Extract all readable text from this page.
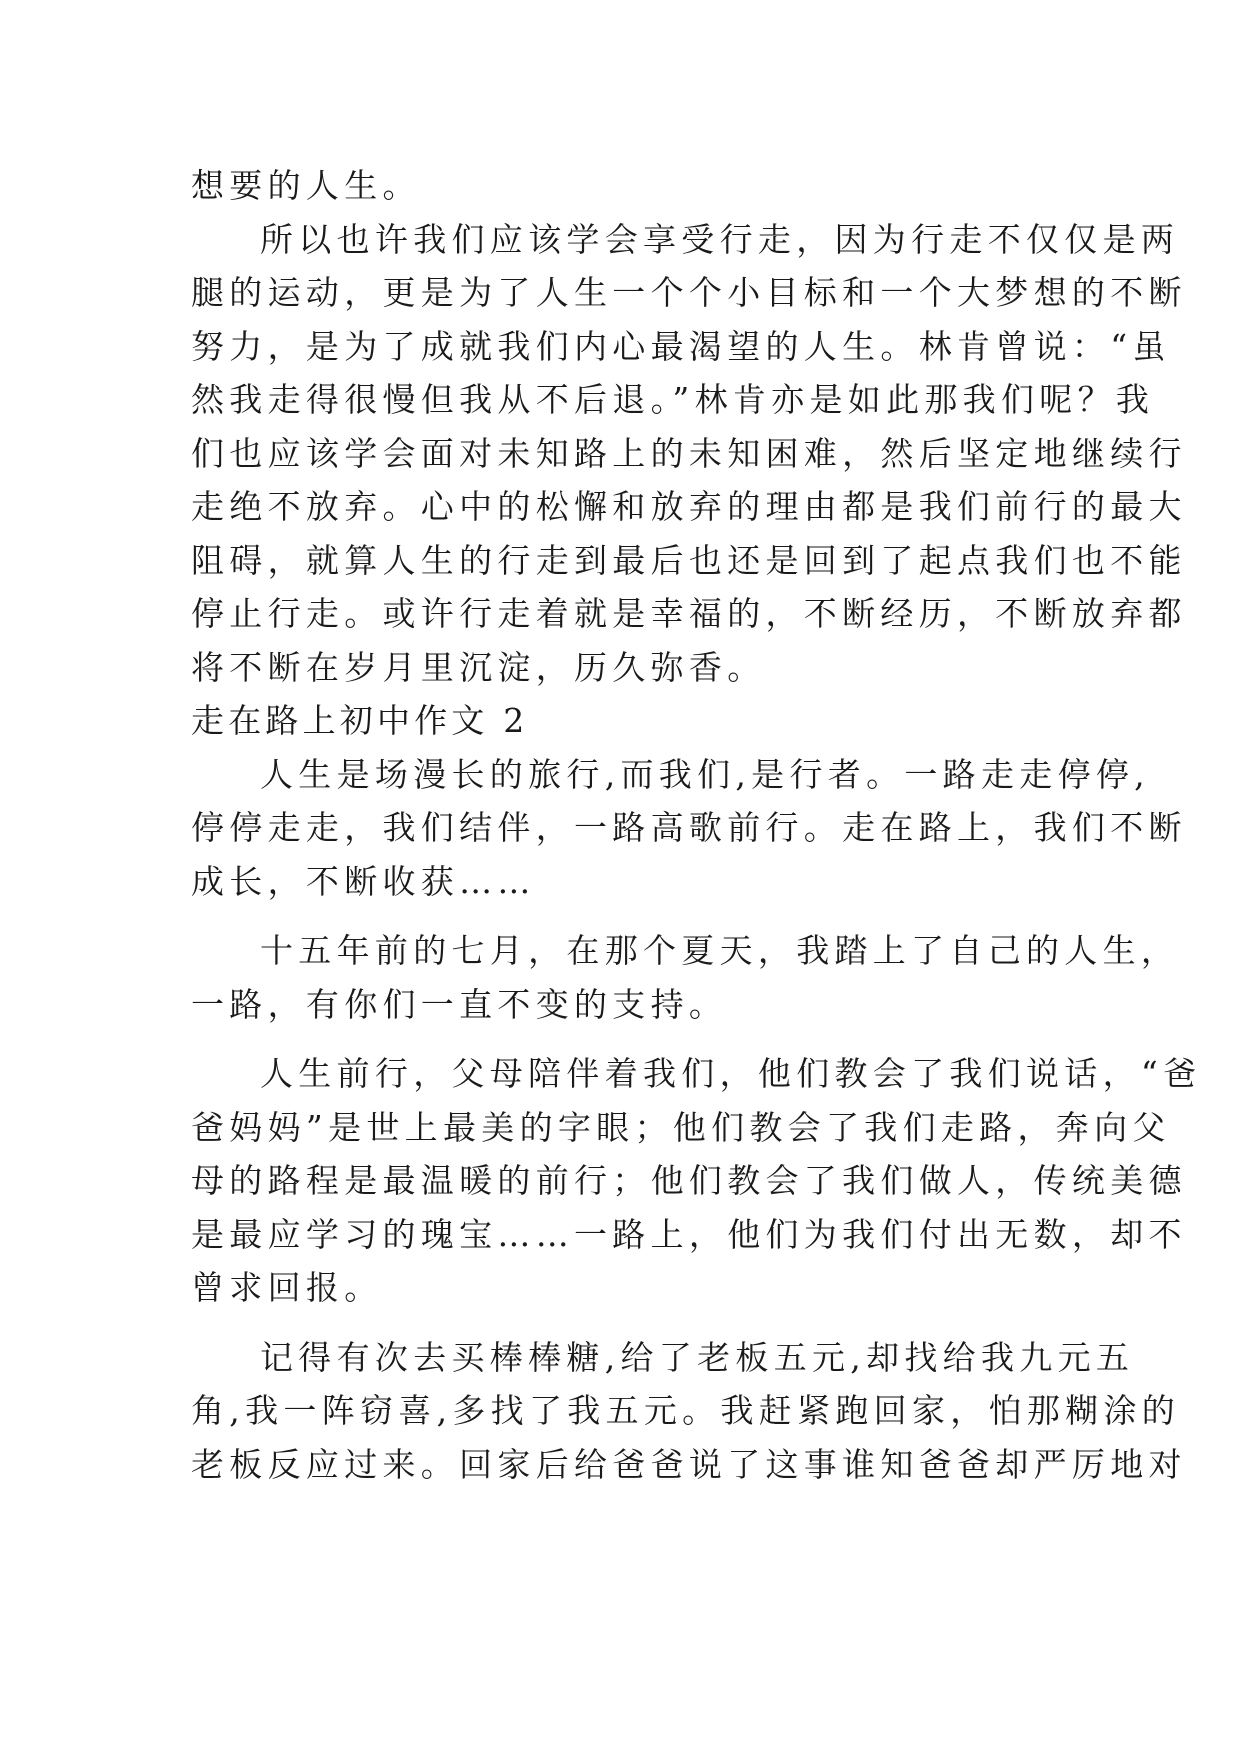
想要的人生。
所以也许我们应该学会享受行走，因为行走不仅仅是两
腿的运动，更是为了人生一个个小目标和一个大梦想的不断
努力，是为了成就我们内心最渴望的人生。林肯曾说：“虽
然我走得很慢但我从不后退。”林肯亦是如此那我们呢？我
们也应该学会面对未知路上的未知困难，然后坚定地继续行
走绝不放弃。心中的松懈和放弃的理由都是我们前行的最大
阻碍，就算人生的行走到最后也还是回到了起点我们也不能
停止行走。或许行走着就是幸福的，不断经历，不断放弃都
将不断在岁月里沉淀，历久弥香。
走在路上初中作文 2
人生是场漫长的旅行,而我们,是行者。一路走走停停,
停停走走，我们结伴，一路高歌前行。走在路上，我们不断
成长，不断收获……
十五年前的七月，在那个夏天，我踏上了自己的人生，
一路，有你们一直不变的支持。
人生前行，父母陪伴着我们，他们教会了我们说话，“爸
爸妈妈”是世上最美的字眼；他们教会了我们走路，奔向父
母的路程是最温暖的前行；他们教会了我们做人，传统美德
是最应学习的瑰宝……一路上，他们为我们付出无数，却不
曾求回报。
记得有次去买棒棒糖,给了老板五元,却找给我九元五
角,我一阵窃喜,多找了我五元。我赶紧跑回家，怕那糊涂的
老板反应过来。回家后给爸爸说了这事谁知爸爸却严厉地对
